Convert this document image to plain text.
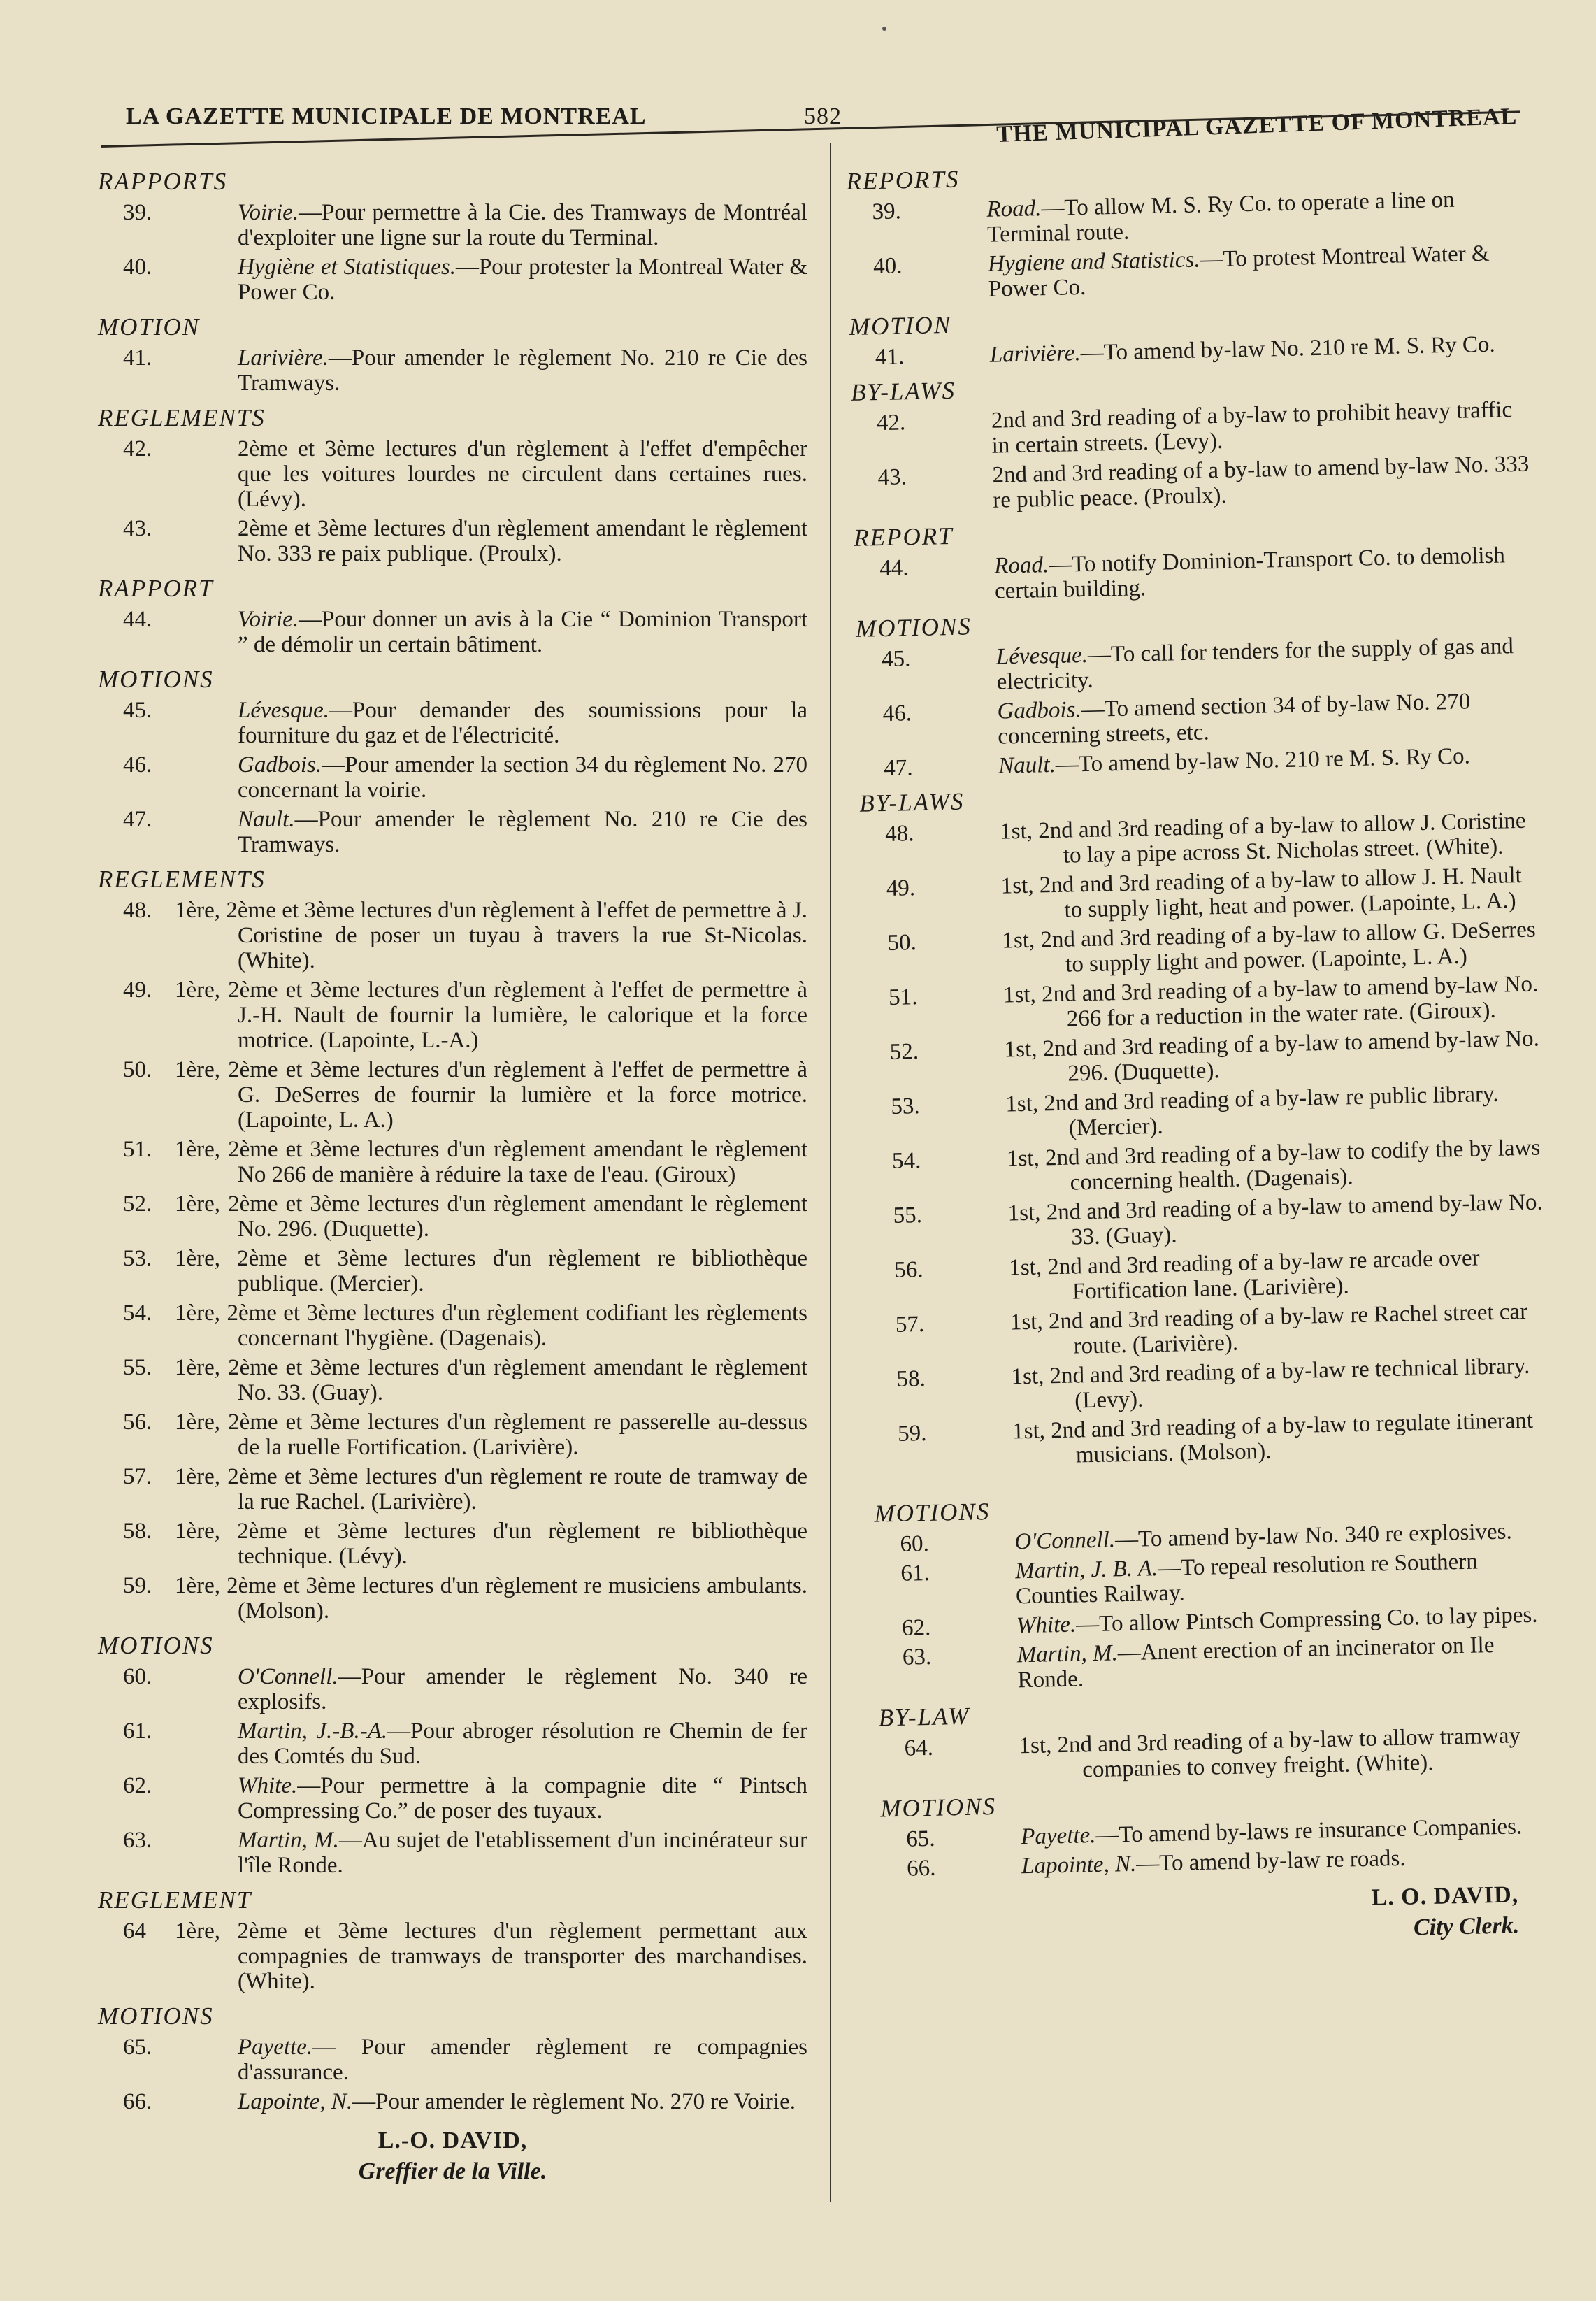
LA GAZETTE MUNICIPALE DE MONTREAL	582	THE MUNICIPAL GAZETTE OF MONTREAL
RAPPORTS
39.	Voirie.—Pour permettre à la Cie. des Tramways de Montréal d'exploiter une ligne sur la route du Terminal.
40.	Hygiène et Statistiques.—Pour protester la Montreal Water & Power Co.
MOTION
41.	Larivière.—Pour amender le règlement No. 210 re Cie des Tramways.
REGLEMENTS
42.	2ème et 3ème lectures d'un règlement à l'effet d'empêcher que les voitures lourdes ne circulent dans certaines rues. (Lévy).
43.	2ème et 3ème lectures d'un règlement amendant le règlement No. 333 re paix publique. (Proulx).
RAPPORT
44.	Voirie.—Pour donner un avis à la Cie “ Dominion Transport ” de démolir un certain bâtiment.
MOTIONS
45.	Lévesque.—Pour demander des soumissions pour la fourniture du gaz et de l'électricité.
46.	Gadbois.—Pour amender la section 34 du règlement No. 270 concernant la voirie.
47.	Nault.—Pour amender le règlement No. 210 re Cie des Tramways.
REGLEMENTS
48. 1ère, 2ème et 3ème lectures d'un règlement à l'effet de permettre à J. Coristine de poser un tuyau à travers la rue St-Nicolas. (White).
49. 1ère, 2ème et 3ème lectures d'un règlement à l'effet de permettre à J.-H. Nault de fournir la lumière, le calorique et la force motrice. (Lapointe, L.-A.)
50. 1ère, 2ème et 3ème lectures d'un règlement à l'effet de permettre à G. DeSerres de fournir la lumière et la force motrice. (Lapointe, L. A.)
51. 1ère, 2ème et 3ème lectures d'un règlement amendant le règlement No 266 de manière à réduire la taxe de l'eau. (Giroux)
52. 1ère, 2ème et 3ème lectures d'un règlement amendant le règlement No. 296. (Duquette).
53. 1ère, 2ème et 3ème lectures d'un règlement re bibliothèque publique. (Mercier).
54. 1ère, 2ème et 3ème lectures d'un règlement codifiant les règlements concernant l'hygiène. (Dagenais).
55. 1ère, 2ème et 3ème lectures d'un règlement amendant le règlement No. 33. (Guay).
56. 1ère, 2ème et 3ème lectures d'un règlement re passerelle au-dessus de la ruelle Fortification. (Larivière).
57. 1ère, 2ème et 3ème lectures d'un règlement re route de tramway de la rue Rachel. (Larivière).
58. 1ère, 2ème et 3ème lectures d'un règlement re bibliothèque technique. (Lévy).
59. 1ère, 2ème et 3ème lectures d'un règlement re musiciens ambulants. (Molson).
MOTIONS
60.	O'Connell.—Pour amender le règlement No. 340 re explosifs.
61.	Martin, J.-B.-A.—Pour abroger résolution re Chemin de fer des Comtés du Sud.
62.	White.—Pour permettre à la compagnie dite “ Pintsch Compressing Co.” de poser des tuyaux.
63.	Martin, M.—Au sujet de l'etablissement d'un incinérateur sur l'île Ronde.
REGLEMENT
64 1ère, 2ème et 3ème lectures d'un règlement permettant aux compagnies de tramways de transporter des marchandises. (White).
MOTIONS
65.	Payette.— Pour amender règlement re compagnies d'assurance.
66.	Lapointe, N.—Pour amender le règlement No. 270 re Voirie.
L.-O. DAVID,
Greffier de la Ville.
REPORTS
39.	Road.—To allow M. S. Ry Co. to operate a line on Terminal route.
40.	Hygiene and Statistics.—To protest Montreal Water & Power Co.
MOTION
41.	Larivière.—To amend by-law No. 210 re M. S. Ry Co.
BY-LAWS
42.	2nd and 3rd reading of a by-law to prohibit heavy traffic in certain streets. (Levy).
43.	2nd and 3rd reading of a by-law to amend by-law No. 333 re public peace. (Proulx).
REPORT
44.	Road.—To notify Dominion-Transport Co. to demolish certain building.
MOTIONS
45.	Lévesque.—To call for tenders for the supply of gas and electricity.
46.	Gadbois.—To amend section 34 of by-law No. 270 concerning streets, etc.
47.	Nault.—To amend by-law No. 210 re M. S. Ry Co.
BY-LAWS
48.	1st, 2nd and 3rd reading of a by-law to allow J. Coristine to lay a pipe across St. Nicholas street. (White).
49.	1st, 2nd and 3rd reading of a by-law to allow J. H. Nault to supply light, heat and power. (Lapointe, L. A.)
50.	1st, 2nd and 3rd reading of a by-law to allow G. DeSerres to supply light and power. (Lapointe, L. A.)
51.	1st, 2nd and 3rd reading of a by-law to amend by-law No. 266 for a reduction in the water rate. (Giroux).
52.	1st, 2nd and 3rd reading of a by-law to amend by-law No. 296. (Duquette).
53.	1st, 2nd and 3rd reading of a by-law re public library. (Mercier).
54.	1st, 2nd and 3rd reading of a by-law to codify the by laws concerning health. (Dagenais).
55.	1st, 2nd and 3rd reading of a by-law to amend by-law No. 33. (Guay).
56.	1st, 2nd and 3rd reading of a by-law re arcade over Fortification lane. (Larivière).
57.	1st, 2nd and 3rd reading of a by-law re Rachel street car route. (Larivière).
58.	1st, 2nd and 3rd reading of a by-law re technical library. (Levy).
59.	1st, 2nd and 3rd reading of a by-law to regulate itinerant musicians. (Molson).
MOTIONS
60.	O'Connell.—To amend by-law No. 340 re explosives.
61.	Martin, J. B. A.—To repeal resolution re Southern Counties Railway.
62.	White.—To allow Pintsch Compressing Co. to lay pipes.
63.	Martin, M.—Anent erection of an incinerator on Ile Ronde.
BY-LAW
64.	1st, 2nd and 3rd reading of a by-law to allow tramway companies to convey freight. (White).
MOTIONS
65.	Payette.—To amend by-laws re insurance Companies.
66.	Lapointe, N.—To amend by-law re roads.
L. O. DAVID,
City Clerk.
